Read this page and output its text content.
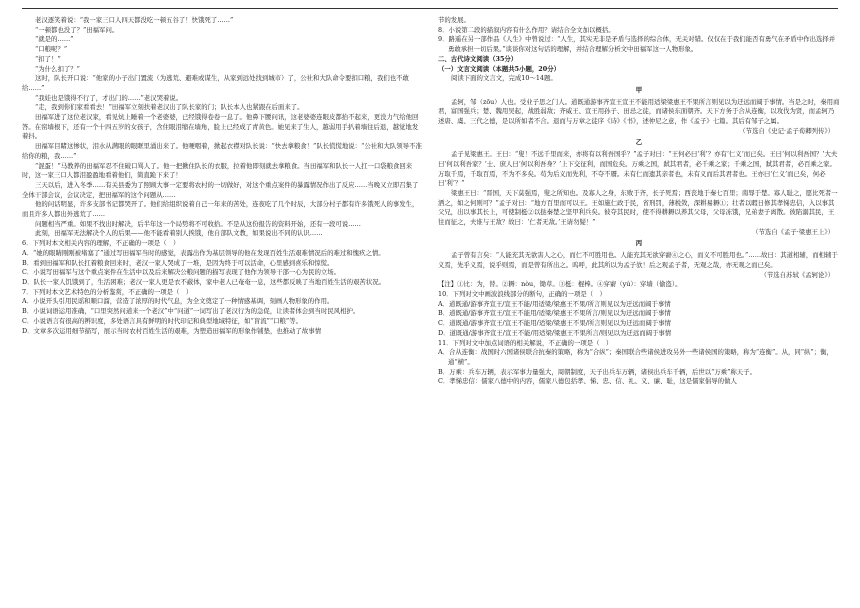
老汉逐笑着说：“我一家三口人四天都没吃一顿五谷了！快饿死了……”

“一顿都也没了？”田福军问。

“就是的……”

“口粮呢？”

“扣了！”

“为什么扣了？”

这时，队长开口说：“他家的小子出门置流（为逃荒、避难或谋生，从家到远处找到城市）了，公社和大队命令要扣口粮，我们也不敢给……”

“我娃也是饿得不行了，才出门的……”老汉哭着说。

“走，我到你们家看看去！”田福军立刻扶着老汉出了队长家的门；队长本人也紧跟在后面来了。

田福军进了这位老汉家，看见炕上睡着一个老婆婆，已经饿得卷卷一息了。他鼻下腰问讯，这老婆婆连眼皮都抬不起来，更没力气给他回答。在窑墙根下，还有一个十四五岁的女孩子，含住眼泪缩在墙角，脸上已经成了青黄色。她见来了生人，越弱用手扒着墙往后退，越觉地发着抖。

田福军目睹这惨状，泪水从满眼的眼眶里涌出来了。他哽咽着，掀起衣襟对队长说：“快去拿粮食！”队长慌慌地说：“公社和大队领导不准给你的粮，我……”

“混蛋！”马教养的田福军忍不住破口骂人了。他一把揪住队长的衣服，拉着他即刻就去拿粮食。当田福军和队长一人扛一口袋粮食回来时，这一家三口人都泪盈盈地看着他们，简直跪下来了！

三天以后，进入冬季……有关县委为了照顾大事一定要将农村的一切做好，对这个重点案件的暴露情况作出了反应……当晚又立即召集了全体干部会议，会议决定，把田福军的这个问题从……

他的问话明显，许多支部书记都哭开了。他们给组织说着自己一年来的苦处，连夜吃了几个时辰，大部分村子都有许多饿死人的事发生，而且许多人都出外逃荒了……

问题相当严重。如果不找出时解决，后半年这一个局势将不可收拾。不是从这份报告的资料开始，还有一段可说……

此刻，田福军无法解决个人的后果——他不能看着别人挨饿，他自部队文教，如果说出不同的认识……

6．下列对本文相关内容的理解，不正确的一项是（　）

A．“她的眼睛刚刚被堵塞了”通过写田福军当时的感觉，表露出作为基层领导的他在发现百姓生活艰难情况后的难过和愧疚之情。

B．看到田福军和队长扛着粮食回来时，老汉一家人哭成了一堆，是因为终于可以活命，心里感到喜乐和惊慌。

C．小说写田福军与这个重点案件在生活中以及后来解决公粮问题的描写表现了他作为领导干部一心为民的立场。

D．队长一家人饥饿到了，生活困难；老汉一家人更是衣不蔽体，家中老人已奄奄一息，这些都反映了当地百姓生活的艰苦状况。

7．下列对本文艺术特色的分析鉴赏，不正确的一项是（　）

A．小说开头引用民谣和顺口溜，营造了浓厚的时代气息，为全文奠定了一种情感基调，刻画人物形象的作用。

B．小说词语运用准确，“口里突然问道来一个老汉”中“问道”一词写出了老汉行为的急促，让读者体会到当时民风相护。

C．小说语言有很高的辨识度，多处语言具有鲜明的时代印记和典型地域特征，如“盲流”“口粮”等。

D．文章多次运用细节描写，展示当时农村百姓生活的艰难，为塑造田福军的形象作铺垫，也推动了故事情

节的发展。

8．小说第二段的描叙内容有什么作用？请结合全文加以概括。

9．路遥在另一部作品《人生》中曾说过：“人生，其实无非是矛盾与选择的综合体，无关对错。仅仅在于我们能否有勇气在矛盾中作出选择并勇敢承担一切后果。”谈谈你对这句话的理解，并结合理解分析文中田福军这一人物形象。

二、古代诗文阅读（35分）

（一）文言文阅读（本题共5小题，20分）

阅读下面的文言文，完成10～14题。

甲

孟轲，邹（zōu）人也。受业子思之门人。道既通游事齐宣王宣王不能用适梁梁惠王不果所言则见以为迂远而阔于事情。当是之时，秦用商君，富国强兵；楚、魏用吴起，战胜弱敌；齐威王、宣王用孙子、田忌之徒，而诸侯东面朝齐。天下方务于合从连衡，以攻伐为贤，而孟轲乃述唐、虞、三代之德，是以所如者不合。退而与万章之徒序《诗》《书》，述仲尼之意，作《孟子》七篇。其后有邹子之属。

（节选自《史记·孟子荀卿列传》）

乙

孟子见梁惠王。王曰：“叟！不远千里而来，亦将有以利吾国乎？”孟子对曰：“王何必曰‘利’？亦有‘仁义’而已矣。王曰‘何以利吾国？’大夫曰‘何以利吾家？’士、庶人曰‘何以利吾身？’上下交征利，而国危矣。万乘之国，弑其君者，必千乘之家；千乘之国，弑其君者，必百乘之家。万取千焉，千取百焉，不为不多矣。苟为后义而先利，不夺不餍。未有仁而遗其亲者也，未有义而后其君者也。王亦曰‘仁义’而已矣，何必曰‘利’？”

梁惠王曰：“晋国，天下莫强焉，叟之所知也。及寡人之身，东败于齐，长子死焉；西丧地于秦七百里；南辱于楚。寡人耻之，愿比死者一洒之，如之何则可？”孟子对曰：“地方百里而可以王。王如施仁政于民，省刑罚，薄税敛，深耕易耨①；壮者以暇日修其孝悌忠信，入以事其父兄，出以事其长上，可使制梃②以挞秦楚之坚甲利兵矣。彼夺其民时，使不得耕耨以养其父母，父母冻饿，兄弟妻子离散。彼陷溺其民，王往而征之，夫谁与王敌？故曰：‘仁者无敌。’王请勿疑！”

（节选自《孟子·梁惠王上》）

丙

孟子曾有言矣：“人能充其无欲害人之心，而仁不可胜用也。人能充其无欲穿窬④之心，而义不可胜用也。”……故曰：其道相辅，而相辅于义焉，先乎义焉，说乎则焉，而是曾有所出之。呜呼，此其所以为孟子欤！后之观孟子者，无观之哉，亦无观之而已矣。

（节选自苏轼《孟轲论》）

【注】①比：为，替。②耨：nòu，锄草。③梃：棍棒。④穿窬（yú）：穿墙（偷盗）。

10．下列对文中画波浪线部分的断句，正确的一项是（　）

A．道既通/游事齐宣王/宣王不能/用适梁/梁惠王不果/所言则见以为迂远而阔于事情

B．道既通/游事齐宣王/宣王不能用/适梁/梁惠王不果所言/则见以为迂远而阔于事情

C．道既通/游事齐宣王/宣王不能用/适梁/梁惠王不果/所言则见以为迂远而阔于事情

D．道既通/游事齐宣王/宣王不能/用适梁/梁惠王不果所言/则见以为迂远而阔于事情

11．下列对文中加点词语的相关解说，不正确的一项是（　）

A．合从连衡：战国时六国诸侯联合抗秦的策略，称为“合纵”；秦国联合些诸侯进攻另外一些诸侯国的策略，称为“连衡”。从，同“纵”；衡，通“横”。

B．万乘：兵车万辆，表示军事力量强大，周朝制度，天子出兵车万辆，诸侯出兵车千辆，后世以“万乘”称天子。

C．孝悌忠信：儒家八德中的内容，儒家八德包括孝、悌、忠、信、礼、义、廉、耻，这是儒家倡导的做人
